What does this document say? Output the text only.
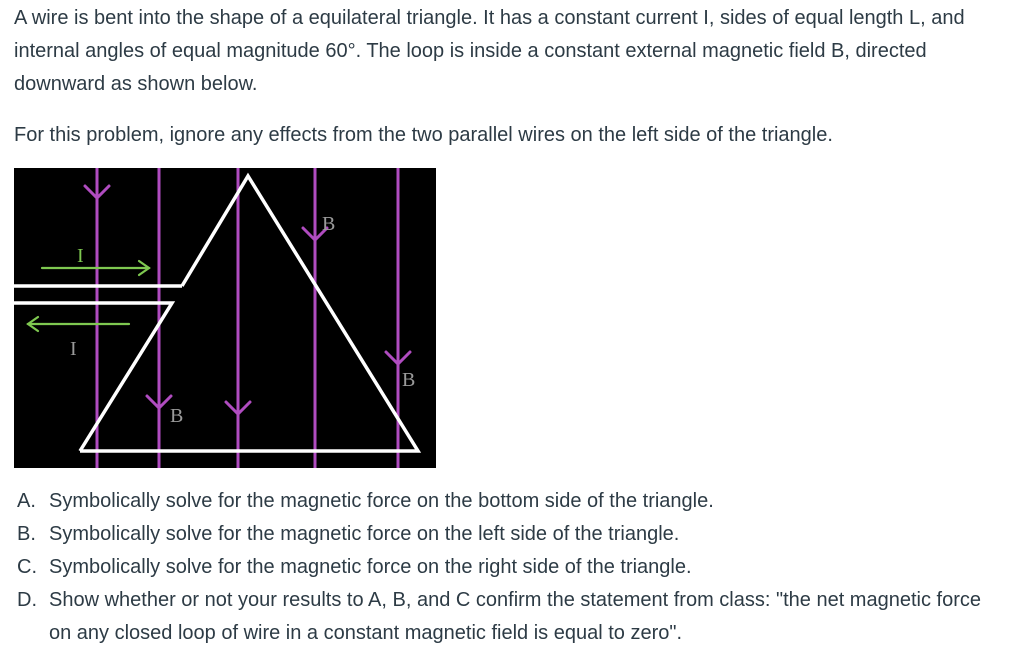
A wire is bent into the shape of a equilateral triangle. It has a constant current I, sides of equal length L, and internal angles of equal magnitude 60°. The loop is inside a constant external magnetic field B, directed downward as shown below.

For this problem, ignore any effects from the two parallel wires on the left side of the triangle.

I
I
B
B
B
A. Symbolically solve for the magnetic force on the bottom side of the triangle.
B. Symbolically solve for the magnetic force on the left side of the triangle.
C. Symbolically solve for the magnetic force on the right side of the triangle.
D. Show whether or not your results to A, B, and C confirm the statement from class: "the net magnetic force on any closed loop of wire in a constant magnetic field is equal to zero".
